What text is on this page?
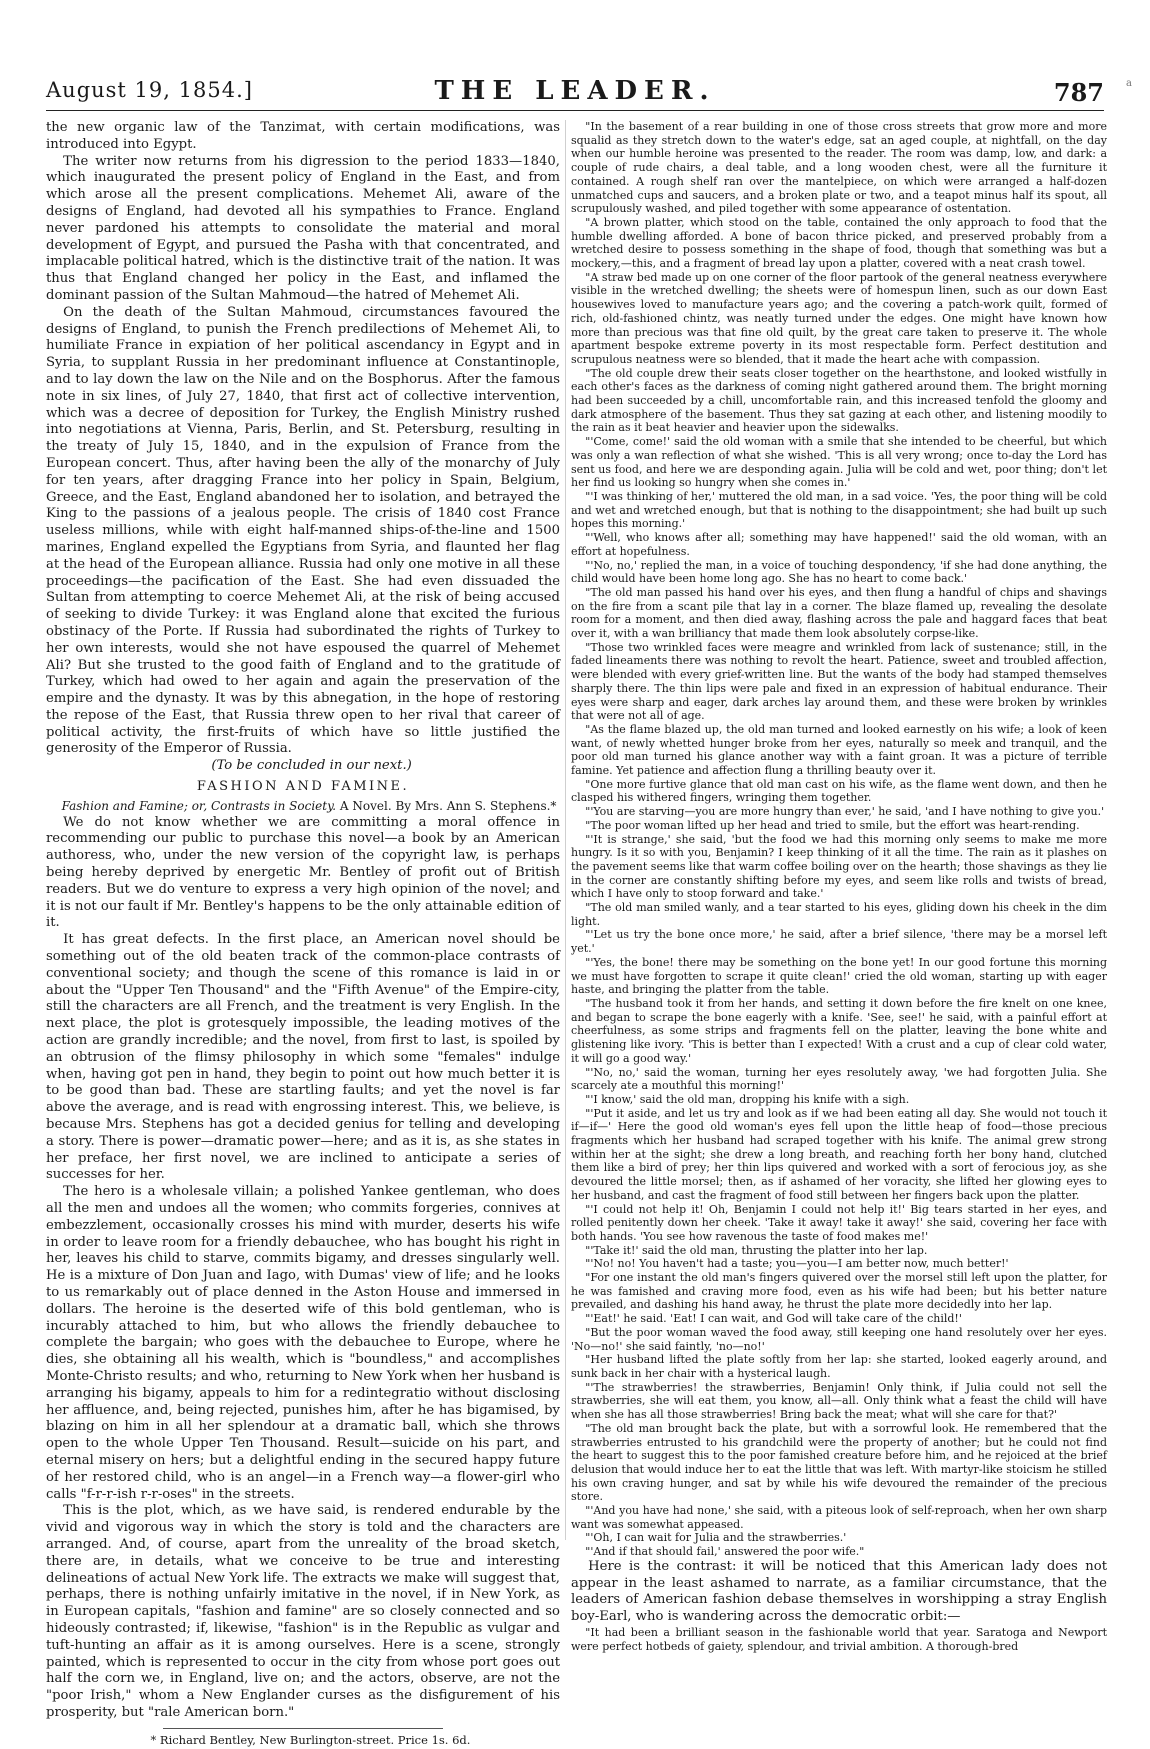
August 19, 1854.]	THE LEADER.	787 a

the new organic law of the Tanzimat, with certain modifications, was introduced into Egypt.

The writer now returns from his digression to the period 1833—1840, which inaugurated the present policy of England in the East, and from which arose all the present complications. Mehemet Ali, aware of the designs of England, had devoted all his sympathies to France. England never pardoned his attempts to consolidate the material and moral development of Egypt, and pursued the Pasha with that concentrated, and implacable political hatred, which is the distinctive trait of the nation. It was thus that England changed her policy in the East, and inflamed the dominant passion of the Sultan Mahmoud—the hatred of Mehemet Ali.

On the death of the Sultan Mahmoud, circumstances favoured the designs of England, to punish the French predilections of Mehemet Ali, to humiliate France in expiation of her political ascendancy in Egypt and in Syria, to supplant Russia in her predominant influence at Constantinople, and to lay down the law on the Nile and on the Bosphorus. After the famous note in six lines, of July 27, 1840, that first act of collective intervention, which was a decree of deposition for Turkey, the English Ministry rushed into negotiations at Vienna, Paris, Berlin, and St. Petersburg, resulting in the treaty of July 15, 1840, and in the expulsion of France from the European concert. Thus, after having been the ally of the monarchy of July for ten years, after dragging France into her policy in Spain, Belgium, Greece, and the East, England abandoned her to isolation, and betrayed the King to the passions of a jealous people. The crisis of 1840 cost France useless millions, while with eight half-manned ships-of-the-line and 1500 marines, England expelled the Egyptians from Syria, and flaunted her flag at the head of the European alliance. Russia had only one motive in all these proceedings—the pacification of the East. She had even dissuaded the Sultan from attempting to coerce Mehemet Ali, at the risk of being accused of seeking to divide Turkey: it was England alone that excited the furious obstinacy of the Porte. If Russia had subordinated the rights of Turkey to her own interests, would she not have espoused the quarrel of Mehemet Ali? But she trusted to the good faith of England and to the gratitude of Turkey, which had owed to her again and again the preservation of the empire and the dynasty. It was by this abnegation, in the hope of restoring the repose of the East, that Russia threw open to her rival that career of political activity, the first-fruits of which have so little justified the generosity of the Emperor of Russia.

(To be concluded in our next.)

FASHION AND FAMINE.

Fashion and Famine; or, Contrasts in Society. A Novel. By Mrs. Ann S. Stephens.*

We do not know whether we are committing a moral offence in recommending our public to purchase this novel—a book by an American authoress, who, under the new version of the copyright law, is perhaps being hereby deprived by energetic Mr. Bentley of profit out of British readers. But we do venture to express a very high opinion of the novel; and it is not our fault if Mr. Bentley's happens to be the only attainable edition of it.

It has great defects. In the first place, an American novel should be something out of the old beaten track of the common-place contrasts of conventional society; and though the scene of this romance is laid in or about the "Upper Ten Thousand" and the "Fifth Avenue" of the Empire-city, still the characters are all French, and the treatment is very English. In the next place, the plot is grotesquely impossible, the leading motives of the action are grandly incredible; and the novel, from first to last, is spoiled by an obtrusion of the flimsy philosophy in which some "females" indulge when, having got pen in hand, they begin to point out how much better it is to be good than bad. These are startling faults; and yet the novel is far above the average, and is read with engrossing interest. This, we believe, is because Mrs. Stephens has got a decided genius for telling and developing a story. There is power—dramatic power—here; and as it is, as she states in her preface, her first novel, we are inclined to anticipate a series of successes for her.

The hero is a wholesale villain; a polished Yankee gentleman, who does all the men and undoes all the women; who commits forgeries, connives at embezzlement, occasionally crosses his mind with murder, deserts his wife in order to leave room for a friendly debauchee, who has bought his right in her, leaves his child to starve, commits bigamy, and dresses singularly well. He is a mixture of Don Juan and Iago, with Dumas' view of life; and he looks to us remarkably out of place denned in the Aston House and immersed in dollars. The heroine is the deserted wife of this bold gentleman, who is incurably attached to him, but who allows the friendly debauchee to complete the bargain; who goes with the debauchee to Europe, where he dies, she obtaining all his wealth, which is "boundless," and accomplishes Monte-Christo results; and who, returning to New York when her husband is arranging his bigamy, appeals to him for a redintegratio without disclosing her affluence, and, being rejected, punishes him, after he has bigamised, by blazing on him in all her splendour at a dramatic ball, which she throws open to the whole Upper Ten Thousand. Result—suicide on his part, and eternal misery on hers; but a delightful ending in the secured happy future of her restored child, who is an angel—in a French way—a flower-girl who calls "f-r-r-ish r-r-oses" in the streets.

This is the plot, which, as we have said, is rendered endurable by the vivid and vigorous way in which the story is told and the characters are arranged. And, of course, apart from the unreality of the broad sketch, there are, in details, what we conceive to be true and interesting delineations of actual New York life. The extracts we make will suggest that, perhaps, there is nothing unfairly imitative in the novel, if in New York, as in European capitals, "fashion and famine" are so closely connected and so hideously contrasted; if, likewise, "fashion" is in the Republic as vulgar and tuft-hunting an affair as it is among ourselves. Here is a scene, strongly painted, which is represented to occur in the city from whose port goes out half the corn we, in England, live on; and the actors, observe, are not the "poor Irish," whom a New Englander curses as the disfigurement of his prosperity, but "rale American born."

* Richard Bentley, New Burlington-street. Price 1s. 6d.

"In the basement of a rear building in one of those cross streets that grow more and more squalid as they stretch down to the water's edge, sat an aged couple, at nightfall, on the day when our humble heroine was presented to the reader. The room was damp, low, and dark: a couple of rude chairs, a deal table, and a long wooden chest, were all the furniture it contained. A rough shelf ran over the mantelpiece, on which were arranged a half-dozen unmatched cups and saucers, and a broken plate or two, and a teapot minus half its spout, all scrupulously washed, and piled together with some appearance of ostentation.

"A brown platter, which stood on the table, contained the only approach to food that the humble dwelling afforded. A bone of bacon thrice picked, and preserved probably from a wretched desire to possess something in the shape of food, though that something was but a mockery,—this, and a fragment of bread lay upon a platter, covered with a neat crash towel.

"A straw bed made up on one corner of the floor partook of the general neatness everywhere visible in the wretched dwelling; the sheets were of homespun linen, such as our down East housewives loved to manufacture years ago; and the covering a patch-work quilt, formed of rich, old-fashioned chintz, was neatly turned under the edges. One might have known how more than precious was that fine old quilt, by the great care taken to preserve it. The whole apartment bespoke extreme poverty in its most respectable form. Perfect destitution and scrupulous neatness were so blended, that it made the heart ache with compassion.

"The old couple drew their seats closer together on the hearthstone, and looked wistfully in each other's faces as the darkness of coming night gathered around them. The bright morning had been succeeded by a chill, uncomfortable rain, and this increased tenfold the gloomy and dark atmosphere of the basement. Thus they sat gazing at each other, and listening moodily to the rain as it beat heavier and heavier upon the sidewalks.

"'Come, come!' said the old woman with a smile that she intended to be cheerful, but which was only a wan reflection of what she wished. 'This is all very wrong; once to-day the Lord has sent us food, and here we are desponding again. Julia will be cold and wet, poor thing; don't let her find us looking so hungry when she comes in.'

"'I was thinking of her,' muttered the old man, in a sad voice. 'Yes, the poor thing will be cold and wet and wretched enough, but that is nothing to the disappointment; she had built up such hopes this morning.'

"'Well, who knows after all; something may have happened!' said the old woman, with an effort at hopefulness.

"'No, no,' replied the man, in a voice of touching despondency, 'if she had done anything, the child would have been home long ago. She has no heart to come back.'

"The old man passed his hand over his eyes, and then flung a handful of chips and shavings on the fire from a scant pile that lay in a corner. The blaze flamed up, revealing the desolate room for a moment, and then died away, flashing across the pale and haggard faces that beat over it, with a wan brilliancy that made them look absolutely corpse-like.

"Those two wrinkled faces were meagre and wrinkled from lack of sustenance; still, in the faded lineaments there was nothing to revolt the heart. Patience, sweet and troubled affection, were blended with every grief-written line. But the wants of the body had stamped themselves sharply there. The thin lips were pale and fixed in an expression of habitual endurance. Their eyes were sharp and eager, dark arches lay around them, and these were broken by wrinkles that were not all of age.

"As the flame blazed up, the old man turned and looked earnestly on his wife; a look of keen want, of newly whetted hunger broke from her eyes, naturally so meek and tranquil, and the poor old man turned his glance another way with a faint groan. It was a picture of terrible famine. Yet patience and affection flung a thrilling beauty over it.

"One more furtive glance that old man cast on his wife, as the flame went down, and then he clasped his withered fingers, wringing them together.

"'You are starving—you are more hungry than ever,' he said, 'and I have nothing to give you.'

"The poor woman lifted up her head and tried to smile, but the effort was heart-rending.

"'It is strange,' she said, 'but the food we had this morning only seems to make me more hungry. Is it so with you, Benjamin? I keep thinking of it all the time. The rain as it plashes on the pavement seems like that warm coffee boiling over on the hearth; those shavings as they lie in the corner are constantly shifting before my eyes, and seem like rolls and twists of bread, which I have only to stoop forward and take.'

"The old man smiled wanly, and a tear started to his eyes, gliding down his cheek in the dim light.

"'Let us try the bone once more,' he said, after a brief silence, 'there may be a morsel left yet.'

"'Yes, the bone! there may be something on the bone yet! In our good fortune this morning we must have forgotten to scrape it quite clean!' cried the old woman, starting up with eager haste, and bringing the platter from the table.

"The husband took it from her hands, and setting it down before the fire knelt on one knee, and began to scrape the bone eagerly with a knife. 'See, see!' he said, with a painful effort at cheerfulness, as some strips and fragments fell on the platter, leaving the bone white and glistening like ivory. 'This is better than I expected! With a crust and a cup of clear cold water, it will go a good way.'

"'No, no,' said the woman, turning her eyes resolutely away, 'we had forgotten Julia. She scarcely ate a mouthful this morning!'

"'I know,' said the old man, dropping his knife with a sigh.

"'Put it aside, and let us try and look as if we had been eating all day. She would not touch it if—if—' Here the good old woman's eyes fell upon the little heap of food—those precious fragments which her husband had scraped together with his knife. The animal grew strong within her at the sight; she drew a long breath, and reaching forth her bony hand, clutched them like a bird of prey; her thin lips quivered and worked with a sort of ferocious joy, as she devoured the little morsel; then, as if ashamed of her voracity, she lifted her glowing eyes to her husband, and cast the fragment of food still between her fingers back upon the platter.

"'I could not help it! Oh, Benjamin I could not help it!' Big tears started in her eyes, and rolled penitently down her cheek. 'Take it away! take it away!' she said, covering her face with both hands. 'You see how ravenous the taste of food makes me!'

"'Take it!' said the old man, thrusting the platter into her lap.

"'No! no! You haven't had a taste; you—you—I am better now, much better!'

"For one instant the old man's fingers quivered over the morsel still left upon the platter, for he was famished and craving more food, even as his wife had been; but his better nature prevailed, and dashing his hand away, he thrust the plate more decidedly into her lap.

"'Eat!' he said. 'Eat! I can wait, and God will take care of the child!'

"But the poor woman waved the food away, still keeping one hand resolutely over her eyes. 'No—no!' she said faintly, 'no—no!'

"Her husband lifted the plate softly from her lap: she started, looked eagerly around, and sunk back in her chair with a hysterical laugh.

"'The strawberries! the strawberries, Benjamin! Only think, if Julia could not sell the strawberries, she will eat them, you know, all—all. Only think what a feast the child will have when she has all those strawberries! Bring back the meat; what will she care for that?'

"The old man brought back the plate, but with a sorrowful look. He remembered that the strawberries entrusted to his grandchild were the property of another; but he could not find the heart to suggest this to the poor famished creature before him, and he rejoiced at the brief delusion that would induce her to eat the little that was left. With martyr-like stoicism he stilled his own craving hunger, and sat by while his wife devoured the remainder of the precious store.

"'And you have had none,' she said, with a piteous look of self-reproach, when her own sharp want was somewhat appeased.

"'Oh, I can wait for Julia and the strawberries.'

"'And if that should fail,' answered the poor wife."

Here is the contrast: it will be noticed that this American lady does not appear in the least ashamed to narrate, as a familiar circumstance, that the leaders of American fashion debase themselves in worshipping a stray English boy-Earl, who is wandering across the democratic orbit:—

"It had been a brilliant season in the fashionable world that year. Saratoga and Newport were perfect hotbeds of gaiety, splendour, and trivial ambition. A thorough-bred
